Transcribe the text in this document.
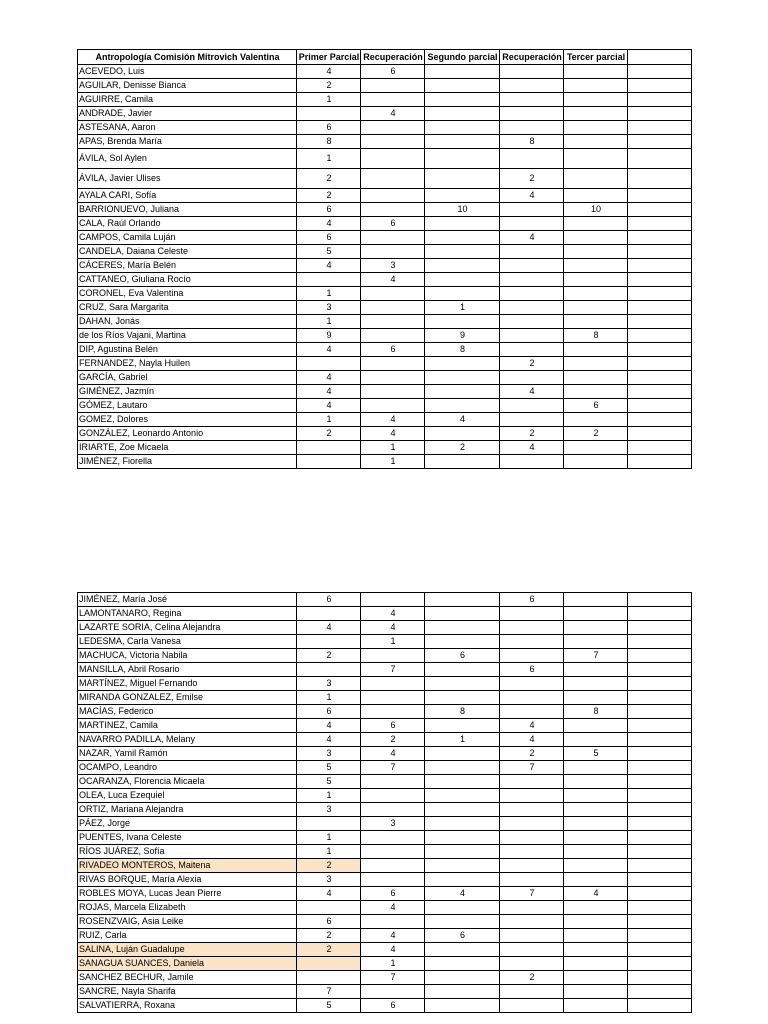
Antropología Comisión Mitrovich Valentina	Primer Parcial	Recuperación	Segundo parcial	Recuperación	Tercer parcial	
ACEVEDO, Luis	4	6				
AGUILAR, Denisse Bianca	2					
AGUIRRE, Camila	1					
ANDRADE, Javier		4				
ASTESANA, Aaron	6					
APAS, Brenda María	8			8		
ÁVILA, Sol Aylen	1					
ÁVILA, Javier Ulises	2			2		
AYALA CARI, Sofía	2			4		
BARRIONUEVO, Juliana	6		10		10	
CALA, Raúl Orlando	4	6				
CAMPOS, Camila Luján	6			4		
CANDELA, Daiana Celeste	5					
CÁCERES, María Belén	4	3				
CATTANEO, Giuliana Rocío		4				
CORONEL, Eva Valentina	1					
CRUZ, Sara Margarita	3		1			
DAHAN, Jonás	1					
de los Ríos Vajani, Martina	9		9		8	
DIP, Agustina Belén	4	6	8			
FERNANDEZ, Nayla Huilen				2		
GARCÍA, Gabriel	4					
GIMÉNEZ, Jazmín	4			4		
GÓMEZ, Lautaro	4				6	
GOMEZ, Dolores	1	4	4			
GONZÁLEZ, Leonardo Antonio	2	4		2	2	
IRIARTE, Zoe Micaela		1	2	4		
JIMÉNEZ, Fiorella		1				
JIMÉNEZ, María José	6			6		
LAMONTANARO, Regina		4				
LAZARTE SORIA, Celina Alejandra	4	4				
LEDESMA, Carla Vanesa		1				
MACHUCA, Victoria Nabila	2		6		7	
MANSILLA, Abril Rosario		7		6		
MARTÍNEZ, Miguel Fernando	3					
MIRANDA GONZALEZ, Emilse	1					
MACÍAS, Federico	6		8		8	
MARTINEZ, Camila	4	6		4		
NAVARRO PADILLA, Melany	4	2	1	4		
NAZAR, Yamil Ramón	3	4		2	5	
OCAMPO, Leandro	5	7		7		
OCARANZA, Florencia Micaela	5					
OLEA, Luca Ezequiel	1					
ORTIZ, Mariana Alejandra	3					
PÁEZ, Jorge		3				
PUENTES, Ivana Celeste	1					
RÍOS JUÁREZ, Sofía	1					
RIVADEO MONTEROS, Maitena	2					
RIVAS BORQUE, María Alexia	3					
ROBLES MOYA, Lucas Jean Pierre	4	6	4	7	4	
ROJAS, Marcela Elizabeth		4				
ROSENZVAIG, Asia Leike	6					
RUIZ, Carla	2	4	6			
SALINA, Luján Guadalupe	2	4				
SANAGUA SUANCES, Daniela		1				
SANCHEZ BECHUR, Jamile		7		2		
SANCRE, Nayla Sharifa	7					
SALVATIERRA, Roxana	5	6				
